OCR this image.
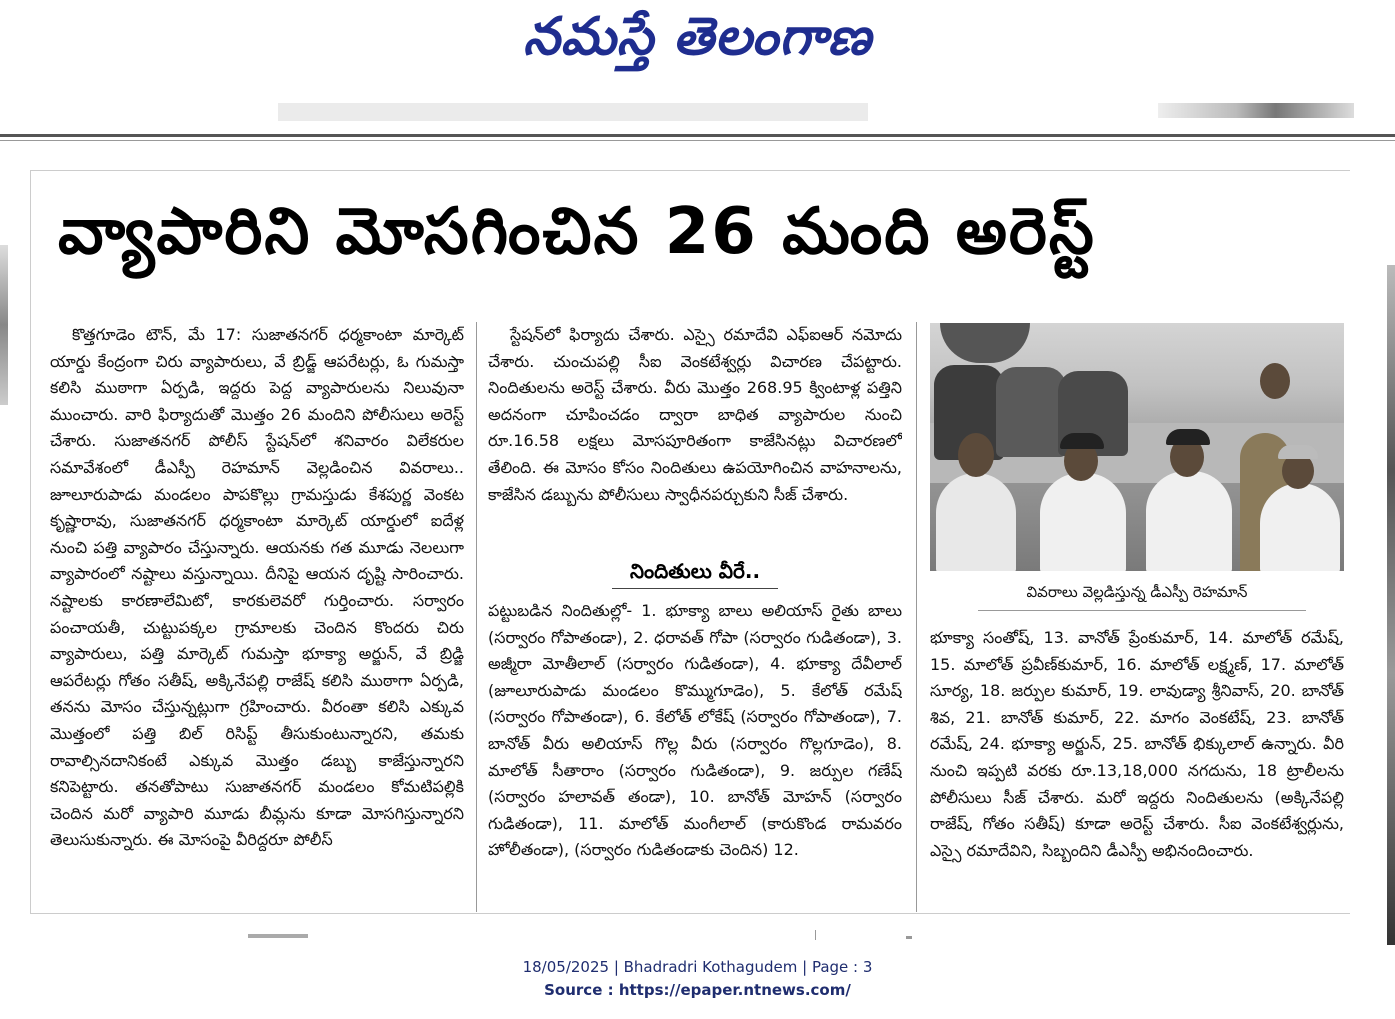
నమస్తే తెలంగాణ
వ్యాపారిని మోసగించిన 26 మంది అరెస్ట్

కొత్తగూడెం టౌన్, మే 17: సుజాతనగర్ ధర్మకాంటా మార్కెట్ యార్డు కేంద్రంగా చిరు వ్యాపారులు, వే బ్రిడ్జ్ ఆపరేటర్లు, ఓ గుమస్తా కలిసి ముఠాగా ఏర్పడి, ఇద్దరు పెద్ద వ్యాపారులను నిలువునా ముంచారు. వారి ఫిర్యాదుతో మొత్తం 26 మందిని పోలీసులు అరెస్ట్ చేశారు. సుజాతనగర్ పోలీస్ స్టేషన్‌లో శనివారం విలేకరుల సమావేశంలో డీఎస్పీ రెహమాన్ వెల్లడించిన వివరాలు.. జూలూరుపాడు మండలం పాపకొల్లు గ్రామస్తుడు కేశపుర్ణ వెంకట కృష్ణారావు, సుజాతనగర్ ధర్మకాంటా మార్కెట్ యార్డులో ఐదేళ్ల నుంచి పత్తి వ్యాపారం చేస్తున్నారు. ఆయనకు గత మూడు నెలలుగా వ్యాపారంలో నష్టాలు వస్తున్నాయి. దీనిపై ఆయన దృష్టి సారించారు. నష్టాలకు కారణాలేమిటో, కారకులెవరో గుర్తించారు. సర్వారం పంచాయతీ, చుట్టుపక్కల గ్రామాలకు చెందిన కొందరు చిరు వ్యాపారులు, పత్తి మార్కెట్ గుమస్తా భూక్యా అర్జున్, వే బ్రిడ్జి ఆపరేటర్లు గోతం సతీష్, అక్కినేపల్లి రాజేష్ కలిసి ముఠాగా ఏర్పడి, తనను మోసం చేస్తున్నట్లుగా గ్రహించారు. వీరంతా కలిసి ఎక్కువ మొత్తంలో పత్తి బిల్ రిసిప్ట్ తీసుకుంటున్నారని, తమకు రావాల్సినదానికంటే ఎక్కువ మొత్తం డబ్బు కాజేస్తున్నారని కనిపెట్టారు. తనతోపాటు సుజాతనగర్ మండలం కోమటిపల్లికి చెందిన మరో వ్యాపారి మూడు బీమ్లను కూడా మోసగిస్తున్నారని తెలుసుకున్నారు. ఈ మోసంపై వీరిద్దరూ పోలీస్

స్టేషన్‌లో ఫిర్యాదు చేశారు. ఎస్సై రమాదేవి ఎఫ్ఐఆర్ నమోదు చేశారు. చుంచుపల్లి సీఐ వెంకటేశ్వర్లు విచారణ చేపట్టారు. నిందితులను అరెస్ట్ చేశారు. వీరు మొత్తం 268.95 క్వింటాళ్ల పత్తిని అదనంగా చూపించడం ద్వారా బాధిత వ్యాపారుల నుంచి రూ.16.58 లక్షలు మోసపూరితంగా కాజేసినట్లు విచారణలో తేలింది. ఈ మోసం కోసం నిందితులు ఉపయోగించిన వాహనాలను, కాజేసిన డబ్బును పోలీసులు స్వాధీనపర్చుకుని సీజ్ చేశారు.

నిందితులు వీరే..

పట్టుబడిన నిందితుల్లో- 1. భూక్యా బాలు అలియాస్ రైతు బాలు (సర్వారం గోపాతండా), 2. ధరావత్ గోపా (సర్వారం గుడితండా), 3. అజ్మీరా మోతీలాల్ (సర్వారం గుడితండా), 4. భూక్యా దేవీలాల్ (జూలూరుపాడు మండలం కొమ్ముగూడెం), 5. కేలోత్ రమేష్ (సర్వారం గోపాతండా), 6. కేలోత్ లోకేష్ (సర్వారం గోపాతండా), 7. బానోత్ వీరు అలియాస్ గొల్ల వీరు (సర్వారం గొల్లగూడెం), 8. మాలోత్ సీతారాం (సర్వారం గుడితండా), 9. జర్పుల గణేష్ (సర్వారం హలావత్ తండా), 10. బానోత్ మోహన్ (సర్వారం గుడితండా), 11. మాలోత్ మంగీలాల్ (కారుకొండ రామవరం హోలీతండా), (సర్వారం గుడితండాకు చెందిన) 12.

వివరాలు వెల్లడిస్తున్న డీఎస్పీ రెహమాన్

భూక్యా సంతోష్, 13. వానోత్ ప్రేంకుమార్, 14. మాలోత్ రమేష్, 15. మాలోత్ ప్రవీణ్‌కుమార్, 16. మాలోత్ లక్ష్మణ్, 17. మాలోత్ సూర్య, 18. జర్పుల కుమార్, 19. లావుడ్యా శ్రీనివాస్, 20. బానోత్ శివ, 21. బానోత్ కుమార్, 22. మాగం వెంకటేష్, 23. బానోత్ రమేష్, 24. భూక్యా అర్జున్, 25. బానోత్ భిక్కులాల్ ఉన్నారు. వీరి నుంచి ఇప్పటి వరకు రూ.13,18,000 నగదును, 18 ట్రాలీలను పోలీసులు సీజ్ చేశారు. మరో ఇద్దరు నిందితులను (అక్కినేపల్లి రాజేష్, గోతం సతీష్) కూడా అరెస్ట్ చేశారు. సీఐ వెంకటేశ్వర్లును, ఎస్సై రమాదేవిని, సిబ్బందిని డీఎస్పీ అభినందించారు.

18/05/2025 | Bhadradri Kothagudem | Page : 3
Source : https://epaper.ntnews.com/
